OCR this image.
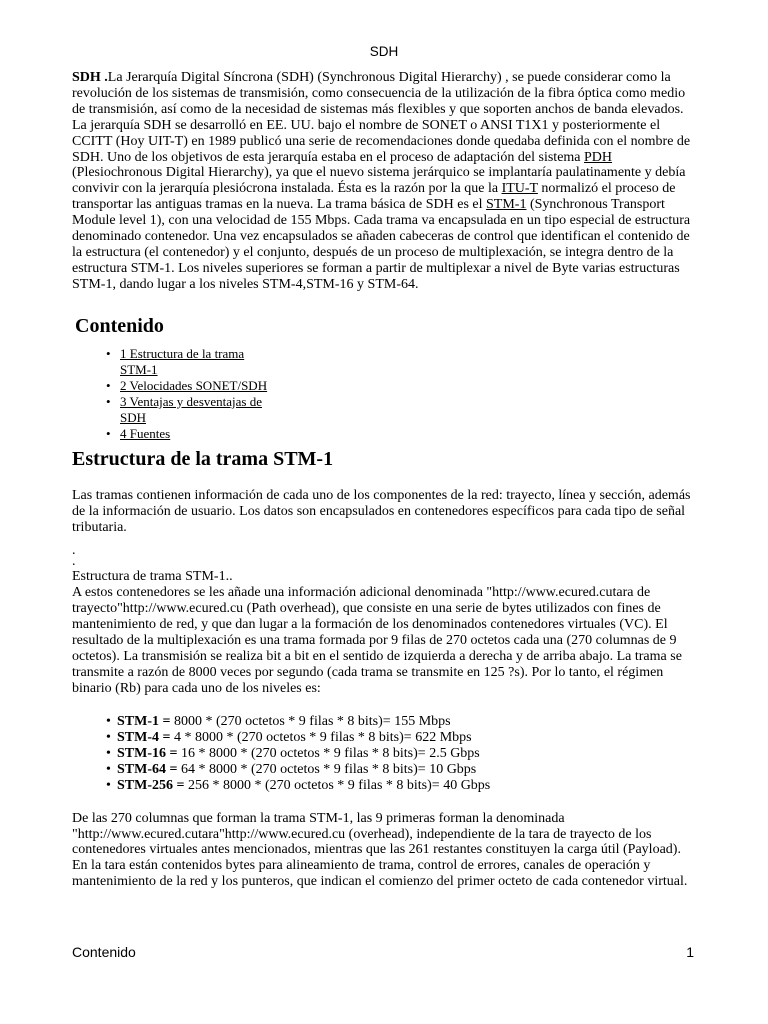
SDH

SDH .La Jerarquía Digital Síncrona (SDH) (Synchronous Digital Hierarchy) , se puede considerar como la revolución de los sistemas de transmisión, como consecuencia de la utilización de la fibra óptica como medio de transmisión, así como de la necesidad de sistemas más flexibles y que soporten anchos de banda elevados. La jerarquía SDH se desarrolló en EE. UU. bajo el nombre de SONET o ANSI T1X1 y posteriormente el CCITT (Hoy UIT-T) en 1989 publicó una serie de recomendaciones donde quedaba definida con el nombre de SDH. Uno de los objetivos de esta jerarquía estaba en el proceso de adaptación del sistema PDH (Plesiochronous Digital Hierarchy), ya que el nuevo sistema jerárquico se implantaría paulatinamente y debía convivir con la jerarquía plesiócrona instalada. Ésta es la razón por la que la ITU-T normalizó el proceso de transportar las antiguas tramas en la nueva. La trama básica de SDH es el STM-1 (Synchronous Transport Module level 1), con una velocidad de 155 Mbps. Cada trama va encapsulada en un tipo especial de estructura denominado contenedor. Una vez encapsulados se añaden cabeceras de control que identifican el contenido de la estructura (el contenedor) y el conjunto, después de un proceso de multiplexación, se integra dentro de la estructura STM-1. Los niveles superiores se forman a partir de multiplexar a nivel de Byte varias estructuras STM-1, dando lugar a los niveles STM-4,STM-16 y STM-64.

Contenido
• 1 Estructura de la trama STM-1
• 2 Velocidades SONET/SDH
• 3 Ventajas y desventajas de SDH
• 4 Fuentes
Estructura de la trama STM-1

Las tramas contienen información de cada uno de los componentes de la red: trayecto, línea y sección, además de la información de usuario. Los datos son encapsulados en contenedores específicos para cada tipo de señal tributaria.

.
.

Estructura de trama STM-1..

A estos contenedores se les añade una información adicional denominada "http://www.ecured.cutara de trayecto"http://www.ecured.cu (Path overhead), que consiste en una serie de bytes utilizados con fines de mantenimiento de red, y que dan lugar a la formación de los denominados contenedores virtuales (VC). El resultado de la multiplexación es una trama formada por 9 filas de 270 octetos cada una (270 columnas de 9 octetos). La transmisión se realiza bit a bit en el sentido de izquierda a derecha y de arriba abajo. La trama se transmite a razón de 8000 veces por segundo (cada trama se transmite en 125 ?s). Por lo tanto, el régimen binario (Rb) para cada uno de los niveles es:

• STM-1 = 8000 * (270 octetos * 9 filas * 8 bits)= 155 Mbps
• STM-4 = 4 * 8000 * (270 octetos * 9 filas * 8 bits)= 622 Mbps
• STM-16 = 16 * 8000 * (270 octetos * 9 filas * 8 bits)= 2.5 Gbps
• STM-64 = 64 * 8000 * (270 octetos * 9 filas * 8 bits)= 10 Gbps
• STM-256 = 256 * 8000 * (270 octetos * 9 filas * 8 bits)= 40 Gbps

De las 270 columnas que forman la trama STM-1, las 9 primeras forman la denominada "http://www.ecured.cutara"http://www.ecured.cu (overhead), independiente de la tara de trayecto de los contenedores virtuales antes mencionados, mientras que las 261 restantes constituyen la carga útil (Payload). En la tara están contenidos bytes para alineamiento de trama, control de errores, canales de operación y mantenimiento de la red y los punteros, que indican el comienzo del primer octeto de cada contenedor virtual.

Contenido	1
